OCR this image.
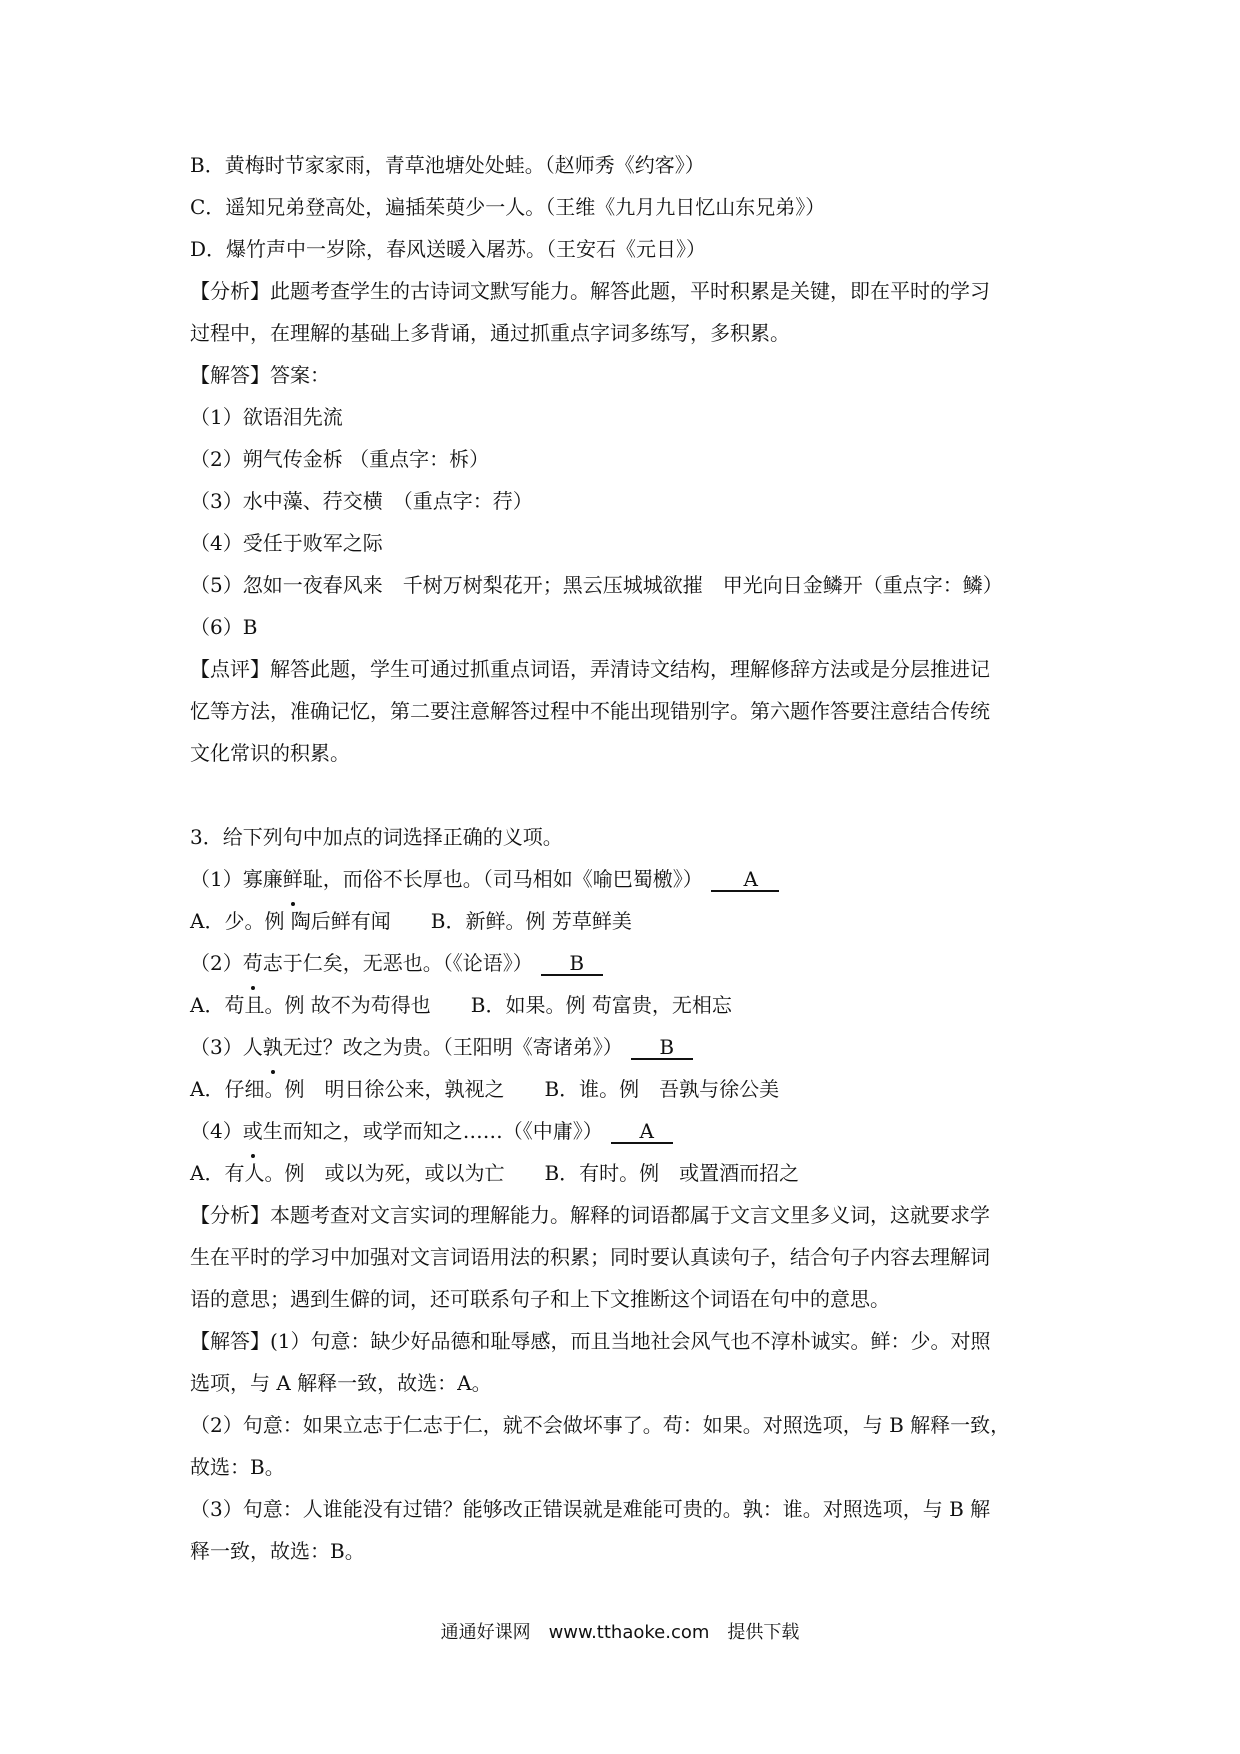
B．黄梅时节家家雨，青草池塘处处蛙。（赵师秀《约客》）
C．遥知兄弟登高处，遍插茱萸少一人。（王维《九月九日忆山东兄弟》）
D．爆竹声中一岁除，春风送暖入屠苏。（王安石《元日》）
【分析】此题考查学生的古诗词文默写能力。解答此题，平时积累是关键，即在平时的学习
过程中，在理解的基础上多背诵，通过抓重点字词多练写，多积累。
【解答】答案：
（1）欲语泪先流
（2）朔气传金柝 （重点字：柝）
（3）水中藻、荇交横　（重点字：荇）
（4）受任于败军之际
（5）忽如一夜春风来　千树万树梨花开；黑云压城城欲摧　甲光向日金鳞开（重点字：鳞）
（6）B
【点评】解答此题，学生可通过抓重点词语，弄清诗文结构，理解修辞方法或是分层推进记
忆等方法，准确记忆，第二要注意解答过程中不能出现错别字。第六题作答要注意结合传统
文化常识的积累。
3．给下列句中加点的词选择正确的义项。
（1）寡廉鲜耻，而俗不长厚也。（司马相如《喻巴蜀檄》） A
A．少。例 陶后鲜有闻　　B．新鲜。例 芳草鲜美
（2）苟志于仁矣，无恶也。（《论语》） B
A．苟且。例 故不为苟得也　　B．如果。例 苟富贵，无相忘
（3）人孰无过？改之为贵。（王阳明《寄诸弟》） B
A．仔细。例　明日徐公来，孰视之　　B．谁。例　吾孰与徐公美
（4）或生而知之，或学而知之……（《中庸》） A
A．有人。例　或以为死，或以为亡　　B．有时。例　或置酒而招之
【分析】本题考查对文言实词的理解能力。解释的词语都属于文言文里多义词，这就要求学
生在平时的学习中加强对文言词语用法的积累；同时要认真读句子，结合句子内容去理解词
语的意思；遇到生僻的词，还可联系句子和上下文推断这个词语在句中的意思。
【解答】(1）句意：缺少好品德和耻辱感，而且当地社会风气也不淳朴诚实。鲜：少。对照
选项，与 A 解释一致，故选：A。
（2）句意：如果立志于仁志于仁，就不会做坏事了。苟：如果。对照选项，与 B 解释一致，
故选：B。
（3）句意：人谁能没有过错？能够改正错误就是难能可贵的。孰：谁。对照选项，与 B 解
释一致，故选：B。
通通好课网　www.tthaoke.com　提供下载
